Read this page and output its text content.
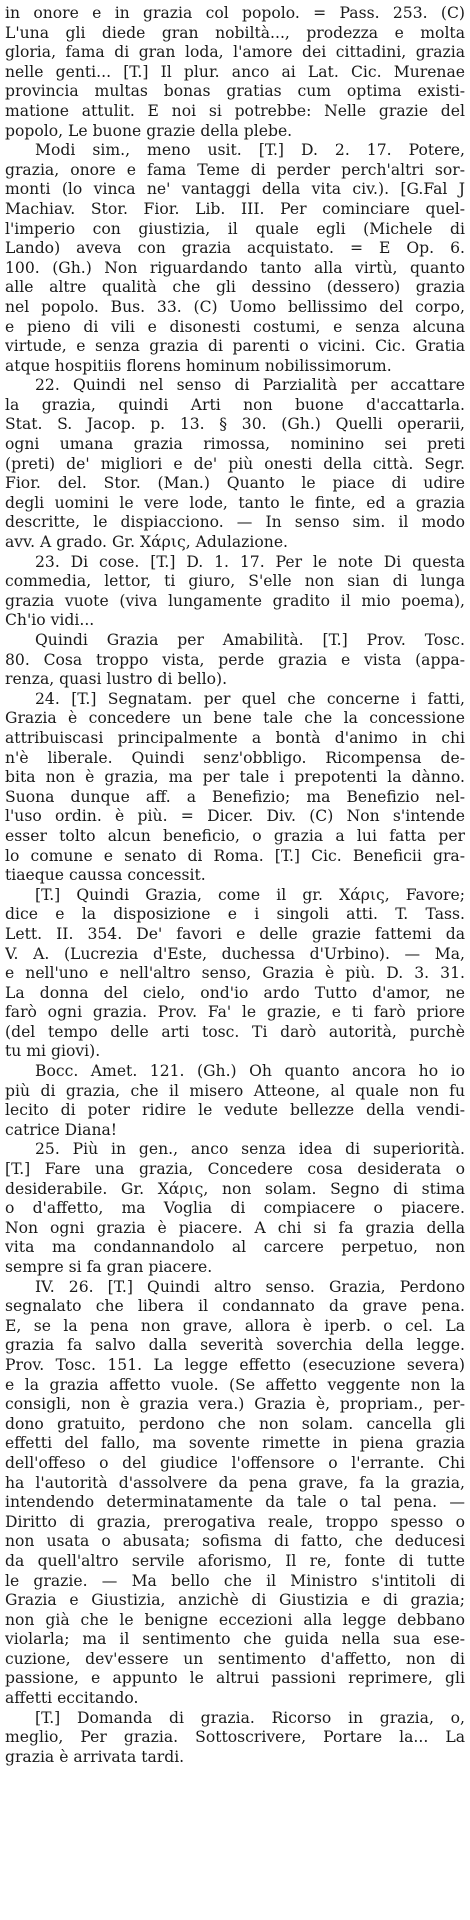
in onore e in grazia col popolo. = Pass. 253. (C)
L'una gli diede gran nobiltà..., prodezza e molta
gloria, fama di gran loda, l'amore dei cittadini, grazia
nelle genti... [T.] Il plur. anco ai Lat. Cic. Murenae
provincia multas bonas gratias cum optima existi-
matione attulit. E noi si potrebbe: Nelle grazie del
popolo, Le buone grazie della plebe.
Modi sim., meno usit. [T.] D. 2. 17. Potere,
grazia, onore e fama Teme di perder perch'altri sor-
monti (lo vinca ne' vantaggi della vita civ.). [G.Fal J
Machiav. Stor. Fior. Lib. III. Per cominciare quel-
l'imperio con giustizia, il quale egli (Michele di
Lando) aveva con grazia acquistato. = E Op. 6.
100. (Gh.) Non riguardando tanto alla virtù, quanto
alle altre qualità che gli dessino (dessero) grazia
nel popolo. Bus. 33. (C) Uomo bellissimo del corpo,
e pieno di vili e disonesti costumi, e senza alcuna
virtude, e senza grazia di parenti o vicini. Cic. Gratia
atque hospitiis florens hominum nobilissimorum.
22. Quindi nel senso di Parzialità per accattare
la grazia, quindi Arti non buone d'accattarla.
Stat. S. Jacop. p. 13. § 30. (Gh.) Quelli operarii,
ogni umana grazia rimossa, nominino sei preti
(preti) de' migliori e de' più onesti della città. Segr.
Fior. del. Stor. (Man.) Quanto le piace di udire
degli uomini le vere lode, tanto le finte, ed a grazia
descritte, le dispiacciono. — In senso sim. il modo
avv. A grado. Gr. Χάρις, Adulazione.
23. Di cose. [T.] D. 1. 17. Per le note Di questa
commedia, lettor, ti giuro, S'elle non sian di lunga
grazia vuote (viva lungamente gradito il mio poema),
Ch'io vidi...
Quindi Grazia per Amabilità. [T.] Prov. Tosc.
80. Cosa troppo vista, perde grazia e vista (appa-
renza, quasi lustro di bello).
24. [T.] Segnatam. per quel che concerne i fatti,
Grazia è concedere un bene tale che la concessione
attribuiscasi principalmente a bontà d'animo in chi
n'è liberale. Quindi senz'obbligo. Ricompensa de-
bita non è grazia, ma per tale i prepotenti la dànno.
Suona dunque aff. a Benefizio; ma Benefizio nel-
l'uso ordin. è più. = Dicer. Div. (C) Non s'intende
esser tolto alcun beneficio, o grazia a lui fatta per
lo comune e senato di Roma. [T.] Cic. Beneficii gra-
tiaeque caussa concessit.
[T.] Quindi Grazia, come il gr. Χάρις, Favore;
dice e la disposizione e i singoli atti. T. Tass.
Lett. II. 354. De' favori e delle grazie fattemi da
V. A. (Lucrezia d'Este, duchessa d'Urbino). — Ma,
e nell'uno e nell'altro senso, Grazia è più. D. 3. 31.
La donna del cielo, ond'io ardo Tutto d'amor, ne
farò ogni grazia. Prov. Fa' le grazie, e ti farò priore
(del tempo delle arti tosc. Ti darò autorità, purchè
tu mi giovi).
Bocc. Amet. 121. (Gh.) Oh quanto ancora ho io
più di grazia, che il misero Atteone, al quale non fu
lecito di poter ridire le vedute bellezze della vendi-
catrice Diana!
25. Più in gen., anco senza idea di superiorità.
[T.] Fare una grazia, Concedere cosa desiderata o
desiderabile. Gr. Χάρις, non solam. Segno di stima
o d'affetto, ma Voglia di compiacere o piacere.
Non ogni grazia è piacere. A chi si fa grazia della
vita ma condannandolo al carcere perpetuo, non
sempre si fa gran piacere.
IV. 26. [T.] Quindi altro senso. Grazia, Perdono
segnalato che libera il condannato da grave pena.
E, se la pena non grave, allora è iperb. o cel. La
grazia fa salvo dalla severità soverchia della legge.
Prov. Tosc. 151. La legge effetto (esecuzione severa)
e la grazia affetto vuole. (Se affetto veggente non la
consigli, non è grazia vera.) Grazia è, propriam., per-
dono gratuito, perdono che non solam. cancella gli
effetti del fallo, ma sovente rimette in piena grazia
dell'offeso o del giudice l'offensore o l'errante. Chi
ha l'autorità d'assolvere da pena grave, fa la grazia,
intendendo determinatamente da tale o tal pena. —
Diritto di grazia, prerogativa reale, troppo spesso o
non usata o abusata; sofisma di fatto, che deducesi
da quell'altro servile aforismo, Il re, fonte di tutte
le grazie. — Ma bello che il Ministro s'intitoli di
Grazia e Giustizia, anzichè di Giustizia e di grazia;
non già che le benigne eccezioni alla legge debbano
violarla; ma il sentimento che guida nella sua ese-
cuzione, dev'essere un sentimento d'affetto, non di
passione, e appunto le altrui passioni reprimere, gli
affetti eccitando.
[T.] Domanda di grazia. Ricorso in grazia, o,
meglio, Per grazia. Sottoscrivere, Portare la... La
grazia è arrivata tardi.
